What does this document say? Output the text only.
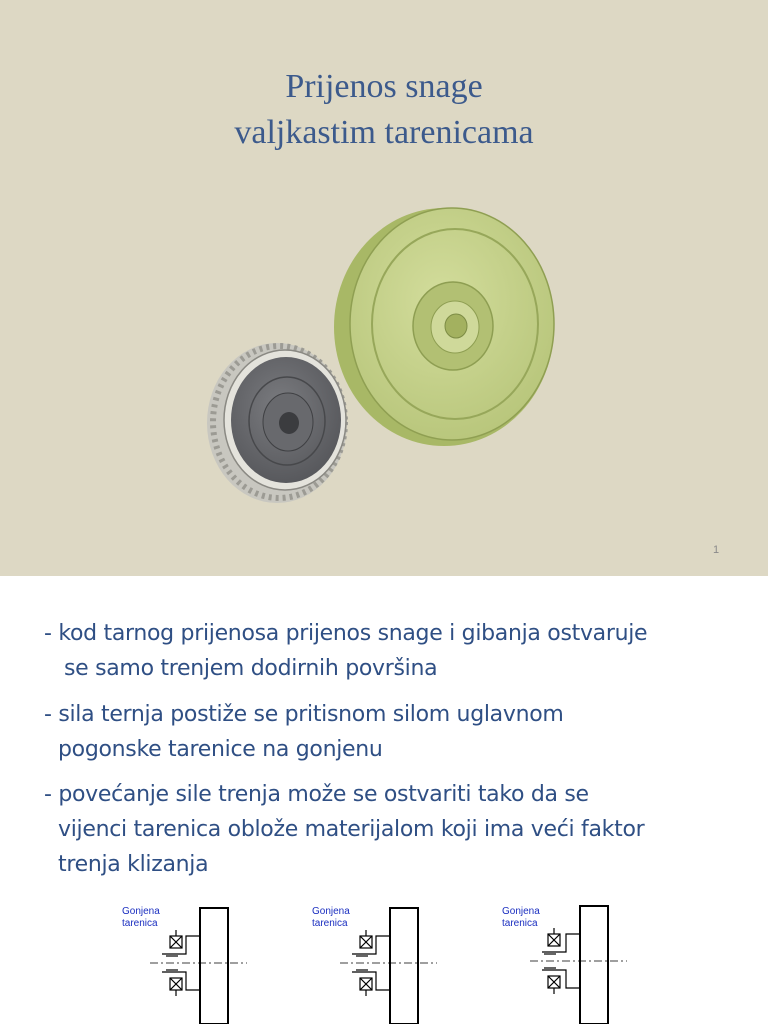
Prijenos snage
valjkastim tarenicama
1
- kod tarnog prijenosa prijenos snage i gibanja ostvaruje
se samo trenjem dodirnih površina
- sila ternja postiže se pritisnom silom uglavnom
pogonske tarenice na gonjenu
- povećanje sile trenja može se ostvariti tako da se
vijenci tarenica oblože materijalom koji ima veći faktor
trenja klizanja
Gonjena
tarenica
Gonjena
tarenica
Gonjena
tarenica
